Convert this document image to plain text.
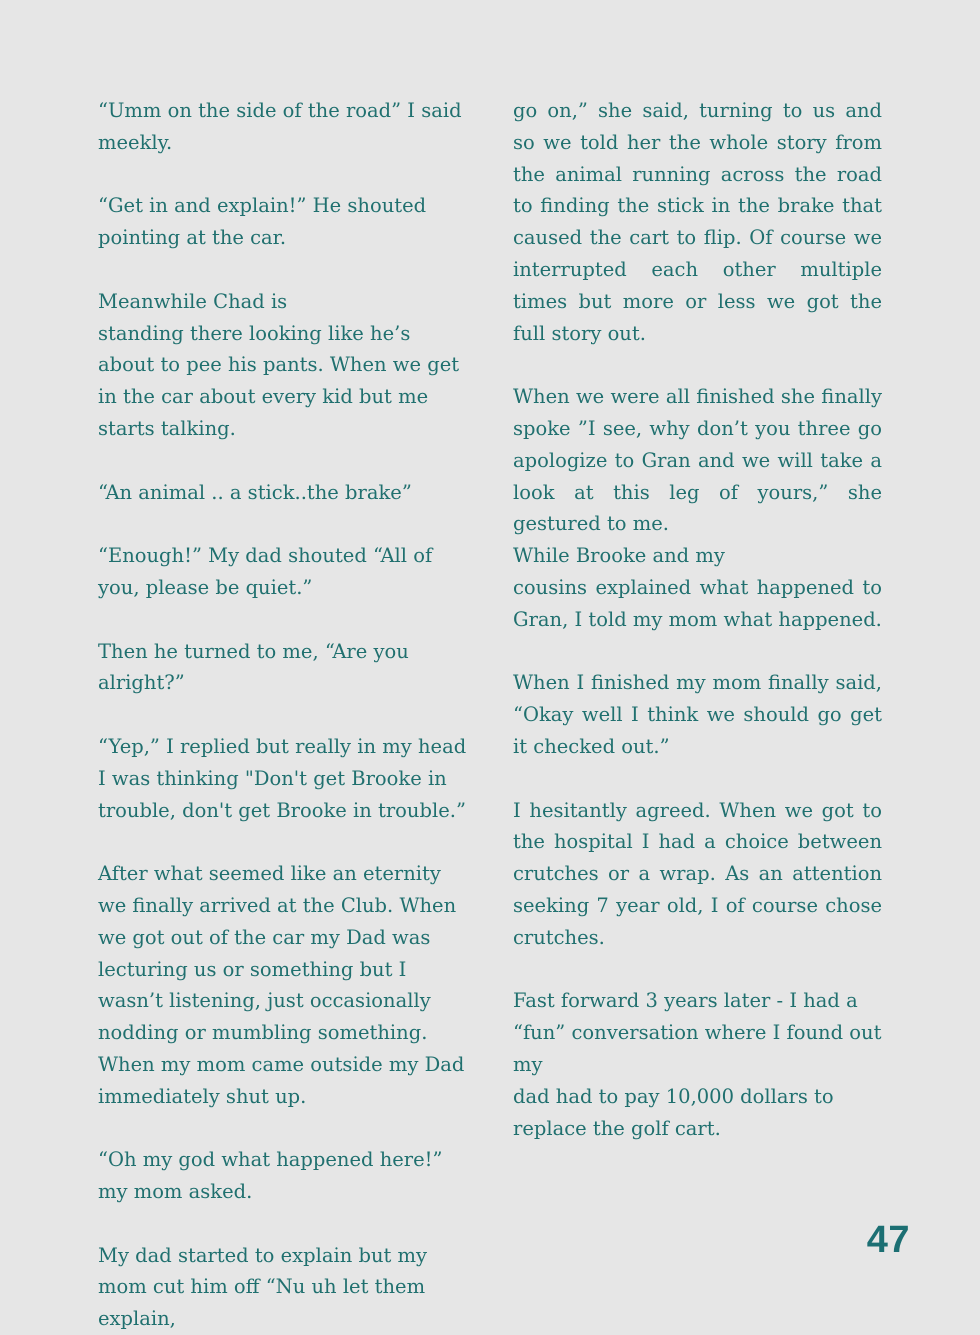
“Umm on the side of the road” I said meekly.

“Get in and explain!” He shouted pointing at the car.

Meanwhile Chad is

standing there looking like he’s about to pee his pants. When we get in the car about every kid but me starts talking.

“An animal .. a stick..the brake”

“Enough!” My dad shouted “All of you, please be quiet.”

Then he turned to me, “Are you alright?”

“Yep,” I replied but really in my head I was thinking "Don't get Brooke in trouble, don't get Brooke in trouble.”

After what seemed like an eternity we finally arrived at the Club. When we got out of the car my Dad was lecturing us or something but I wasn’t listening, just occasionally nodding or mumbling something. When my mom came outside my Dad immediately shut up.

“Oh my god what happened here!” my mom asked.

My dad started to explain but my mom cut him off “Nu uh let them explain,

go on,” she said, turning to us and so we told her the whole story from the animal running across the road to finding the stick in the brake that caused the cart to flip. Of course we interrupted each other multiple times but more or less we got the full story out.

When we were all finished she finally spoke ”I see, why don’t you three go apologize to Gran and we will take a look at this leg of yours,” she gestured to me.

While Brooke and my

cousins explained what happened to Gran, I told my mom what happened.

When I finished my mom finally said, “Okay well I think we should go get it checked out.”

I hesitantly agreed. When we got to the hospital I had a choice between crutches or a wrap. As an attention seeking 7 year old, I of course chose crutches.

Fast forward 3 years later - I had a “fun” conversation where I found out my

dad had to pay 10,000 dollars to replace the golf cart.

47
